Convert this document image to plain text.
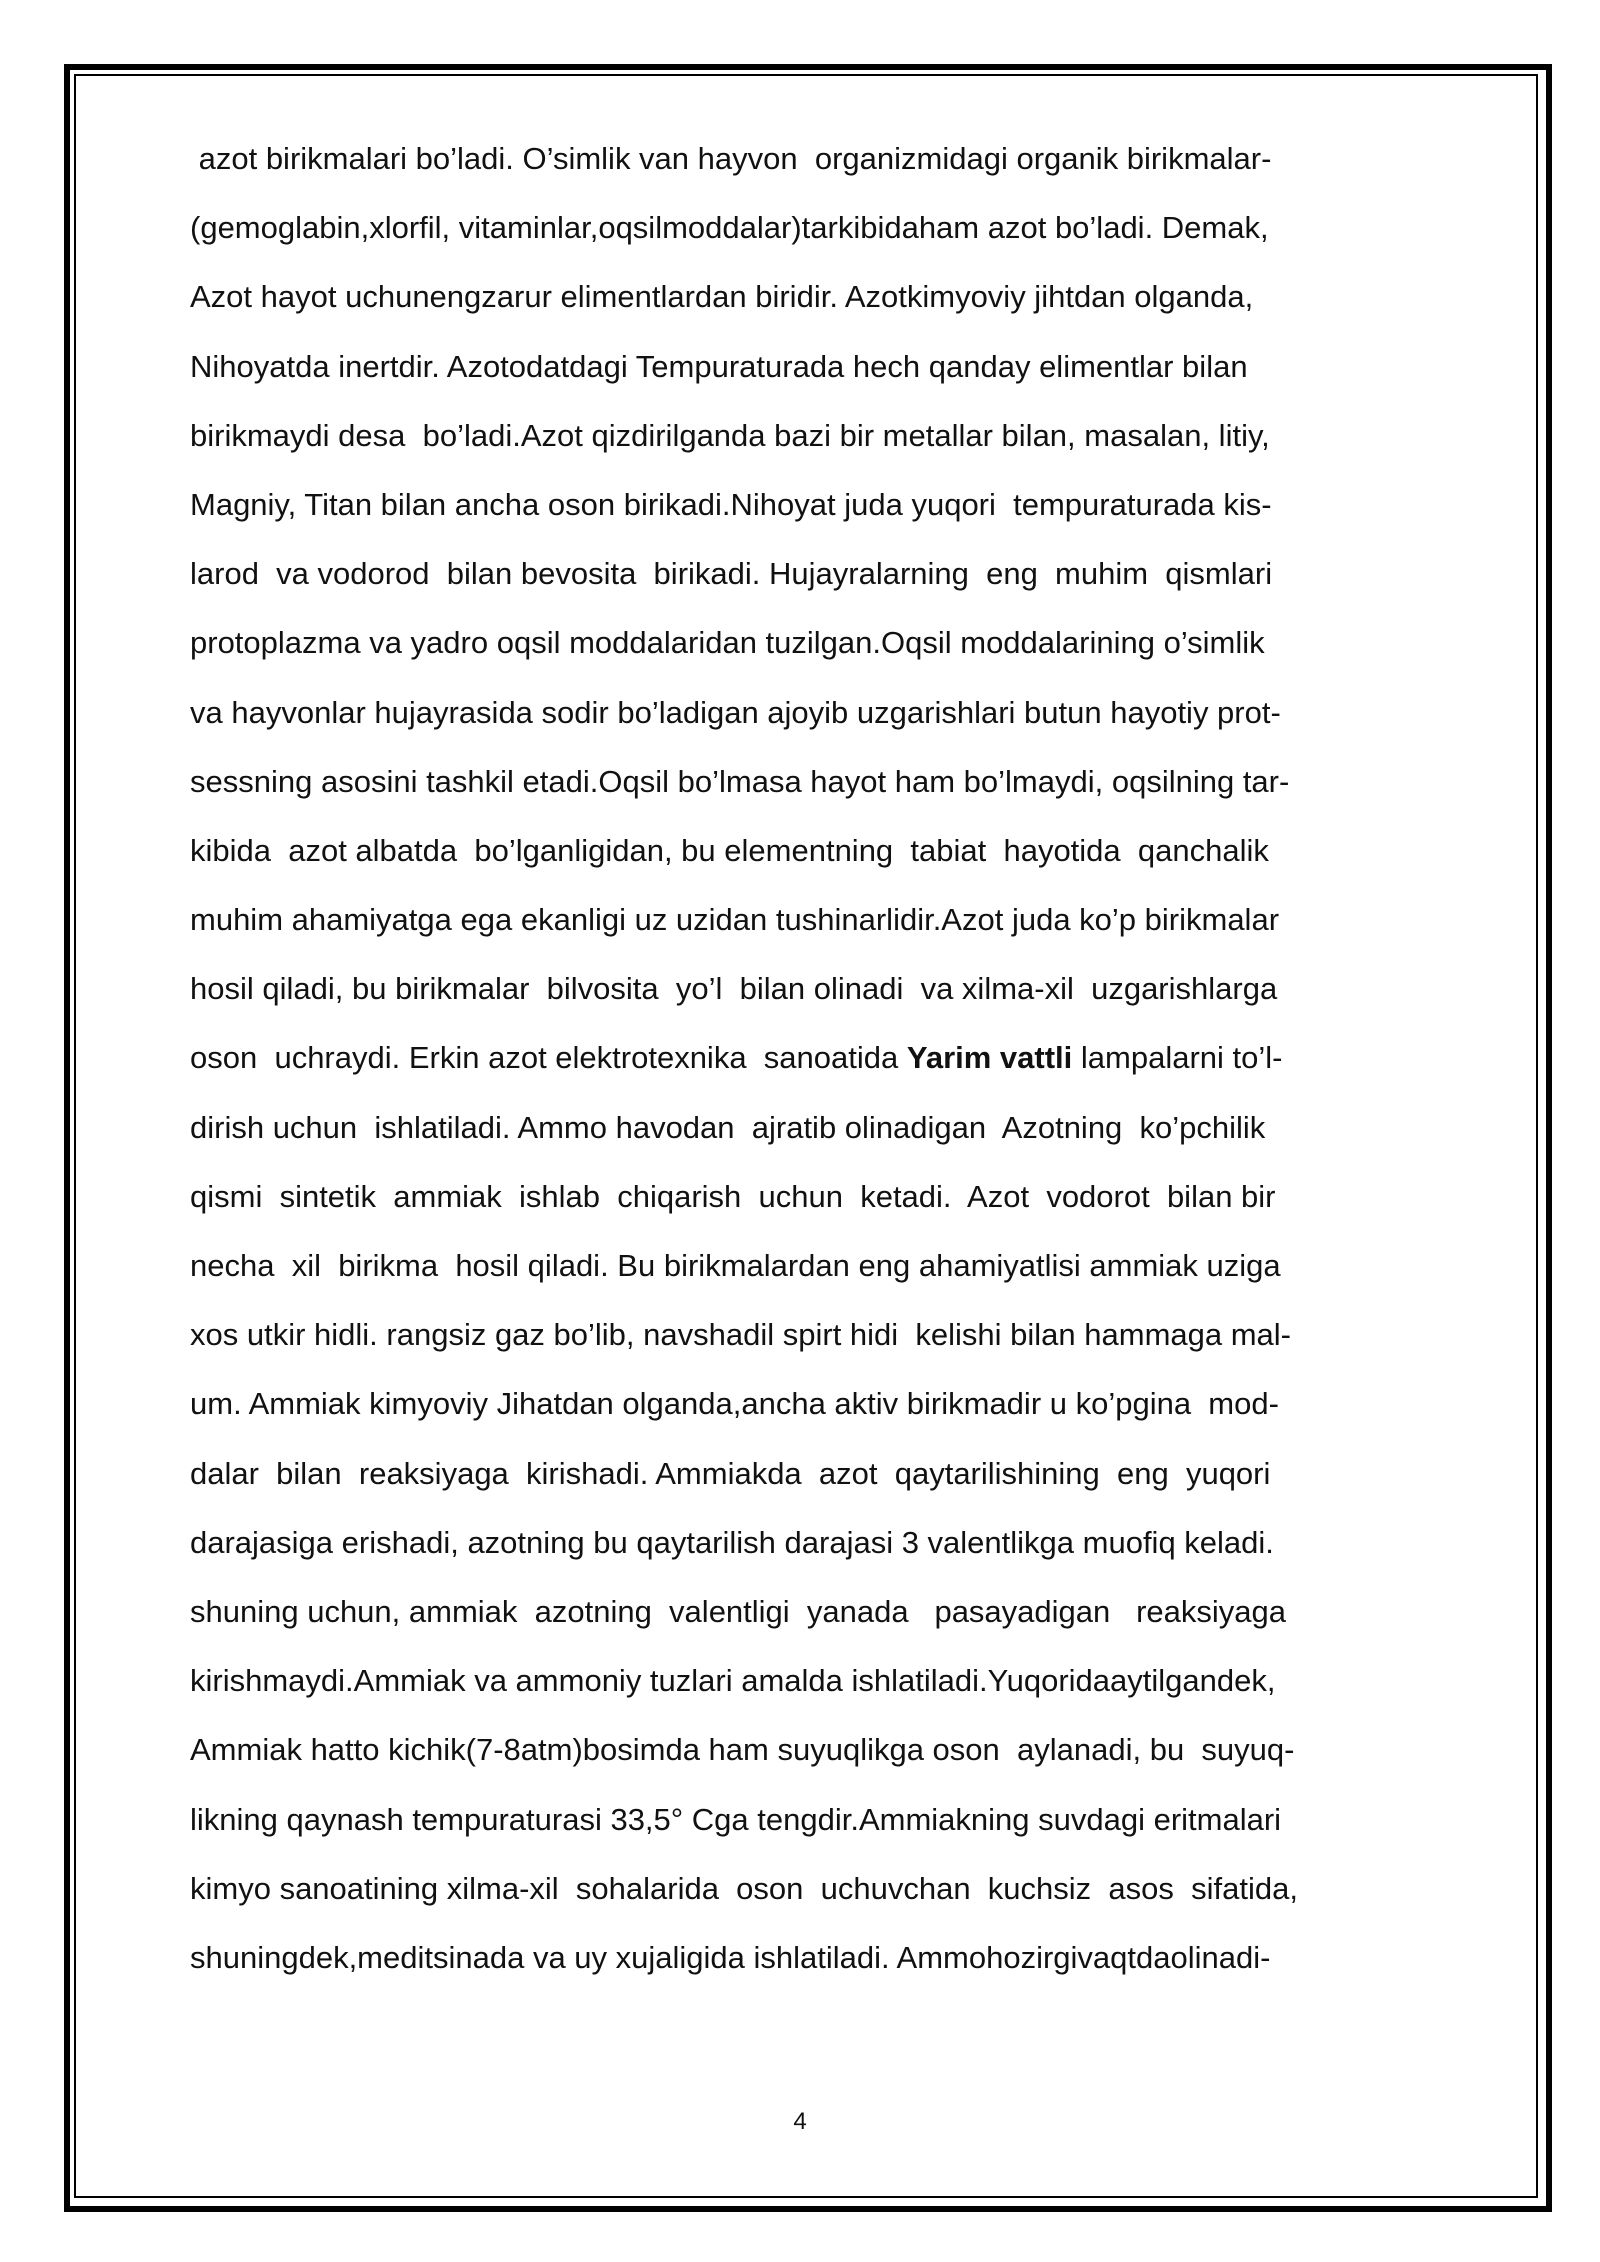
azot birikmalari bo’ladi. O’simlik van hayvon  organizmidagi organik birikmalar-
(gemoglabin,xlorfil, vitaminlar,oqsilmoddalar)tarkibidaham azot bo’ladi. Demak,
Azot hayot uchunengzarur elimentlardan biridir. Azotkimyoviy jihtdan olganda,
Nihoyatda inertdir. Azotodatdagi Tempuraturada hech qanday elimentlar bilan
birikmaydi desa  bo’ladi.Azot qizdirilganda bazi bir metallar bilan, masalan, litiy,
Magniy, Titan bilan ancha oson birikadi.Nihoyat juda yuqori  tempuraturada kis-
larod  va vodorod  bilan bevosita  birikadi. Hujayralarning  eng  muhim  qismlari
protoplazma va yadro oqsil moddalaridan tuzilgan.Oqsil moddalarining o’simlik
va hayvonlar hujayrasida sodir bo’ladigan ajoyib uzgarishlari butun hayotiy prot-
sessning asosini tashkil etadi.Oqsil bo’lmasa hayot ham bo’lmaydi, oqsilning tar-
kibida  azot albatda  bo’lganligidan, bu elementning  tabiat  hayotida  qanchalik
muhim ahamiyatga ega ekanligi uz uzidan tushinarlidir.Azot juda ko’p birikmalar
hosil qiladi, bu birikmalar  bilvosita  yo’l  bilan olinadi  va xilma-xil  uzgarishlarga
oson  uchraydi. Erkin azot elektrotexnika  sanoatida Yarim vattli lampalarni to’l-
dirish uchun  ishlatiladi. Ammo havodan  ajratib olinadigan  Azotning  ko’pchilik
qismi  sintetik  ammiak  ishlab  chiqarish  uchun  ketadi.  Azot  vodorot  bilan bir
necha  xil  birikma  hosil qiladi. Bu birikmalardan eng ahamiyatlisi ammiak uziga
xos utkir hidli. rangsiz gaz bo’lib, navshadil spirt hidi  kelishi bilan hammaga mal-
um. Ammiak kimyoviy Jihatdan olganda,ancha aktiv birikmadir u ko’pgina  mod-
dalar  bilan  reaksiyaga  kirishadi. Ammiakda  azot  qaytarilishining  eng  yuqori
darajasiga erishadi, azotning bu qaytarilish darajasi 3 valentlikga muofiq keladi.
shuning uchun, ammiak  azotning  valentligi  yanada   pasayadigan   reaksiyaga
kirishmaydi.Ammiak va ammoniy tuzlari amalda ishlatiladi.Yuqoridaaytilgandek,
Ammiak hatto kichik(7-8atm)bosimda ham suyuqlikga oson  aylanadi, bu  suyuq-
likning qaynash tempuraturasi 33,5° Cga tengdir.Ammiakning suvdagi eritmalari
kimyo sanoatining xilma-xil  sohalarida  oson  uchuvchan  kuchsiz  asos  sifatida,
shuningdek,meditsinada va uy xujaligida ishlatiladi. Ammohozirgivaqtdaolinadi-
4
